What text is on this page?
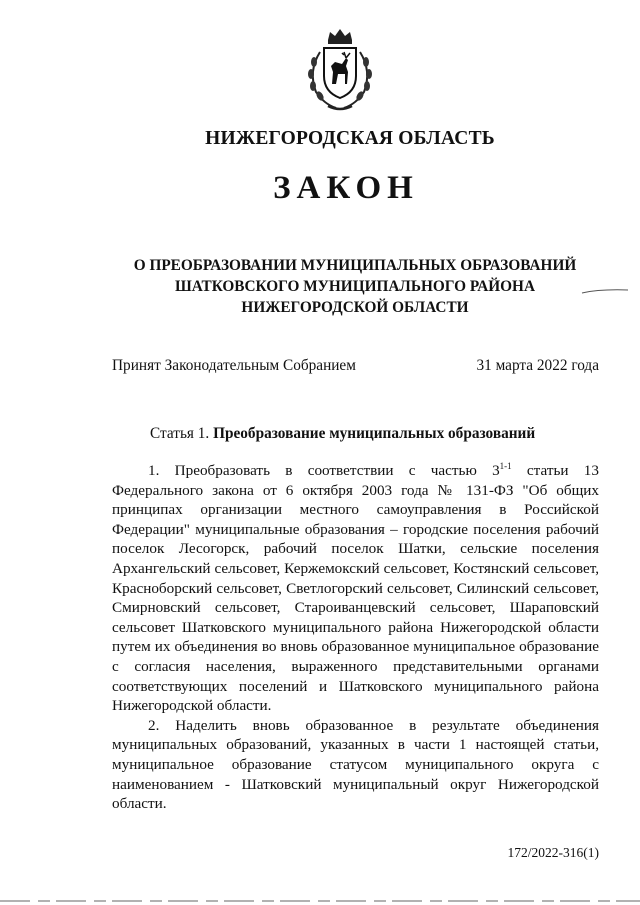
НИЖЕГОРОДСКАЯ ОБЛАСТЬ
ЗАКОН
О ПРЕОБРАЗОВАНИИ МУНИЦИПАЛЬНЫХ ОБРАЗОВАНИЙ
ШАТКОВСКОГО МУНИЦИПАЛЬНОГО РАЙОНА
НИЖЕГОРОДСКОЙ ОБЛАСТИ
Принят Законодательным Собранием	31 марта 2022 года
Статья 1. Преобразование муниципальных образований

1. Преобразовать в соответствии с частью 3$^{1-1}$ статьи 13 Федерального закона от 6 октября 2003 года № 131-ФЗ "Об общих принципах организации местного самоуправления в Российской Федерации" муниципальные образования – городские поселения рабочий поселок Лесогорск, рабочий поселок Шатки, сельские поселения Архангельский сельсовет, Кержемокский сельсовет, Костянский сельсовет, Красноборский сельсовет, Светлогорский сельсовет, Силинский сельсовет, Смирновский сельсовет, Староиванцевский сельсовет, Шараповский сельсовет Шатковского муниципального района Нижегородской области путем их объединения во вновь образованное муниципальное образование с согласия населения, выраженного представительными органами соответствующих поселений и Шатковского муниципального района Нижегородской области.

2. Наделить вновь образованное в результате объединения муниципальных образований, указанных в части 1 настоящей статьи, муниципальное образование статусом муниципального округа с наименованием - Шатковский муниципальный округ Нижегородской области.

172/2022-316(1)
